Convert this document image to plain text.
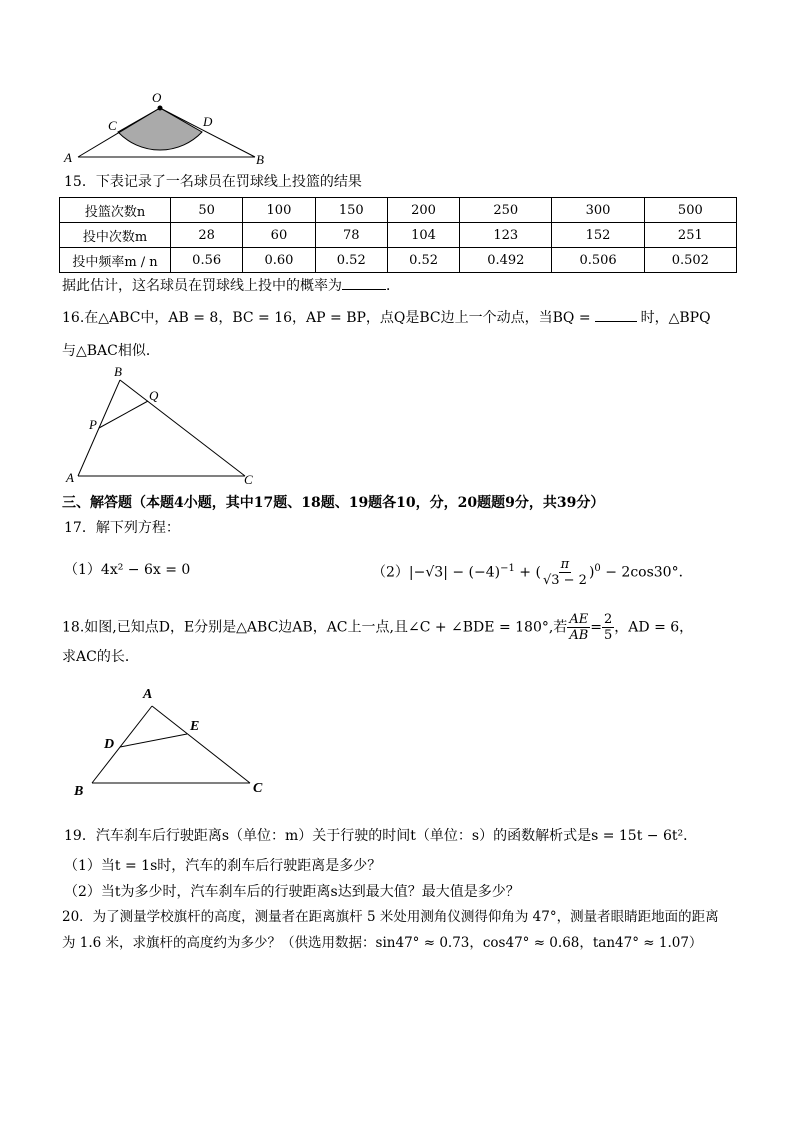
O
C	D
A	B
15．下表记录了一名球员在罚球线上投篮的结果
投篮次数n	50	100	150	200	250	300	500
投中次数m	28	60	78	104	123	152	251
投中频率m / n	0.56	0.60	0.52	0.52	0.492	0.506	0.502
据此估计，这名球员在罚球线上投中的概率为	．
16.在△ABC中，AB = 8，BC = 16，AP = BP，点Q是BC边上一个动点，当BQ =	时，△BPQ
与△BAC相似．
B
Q
P
A	C
三、解答题（本题4小题，其中17题、18题、19题各10，分，20题题9分，共39分）
17．解下列方程：
（1）4x² − 6x = 0	$(2)|-√3| - (-4)^{-1}$ + ( $\frac{\pi}{√3 - 2} )^0 - 2\cos 30^\circ$．
18.如图,已知点D，E分别是△ABC边AB，AC上一点,且∠C + ∠BDE = 180°,若 $\frac{AE}{AB} = \frac{2}{5}$ ，AD = 6，
求AC的长．
A
D
E
B	C
19．汽车刹车后行驶距离s（单位：m）关于行驶的时间t（单位：s）的函数解析式是s = 15t − 6t²．
（1）当t = 1s时，汽车的刹车后行驶距离是多少？
（2）当t为多少时，汽车刹车后的行驶距离s达到最大值？最大值是多少？
20．为了测量学校旗杆的高度，测量者在距离旗杆 5 米处用测角仪测得仰角为 47°，测量者眼睛距地面的距离
为 1.6 米，求旗杆的高度约为多少？（供选用数据：sin47° ≈ 0.73，cos47° ≈ 0.68，tan47° ≈ 1.07）
